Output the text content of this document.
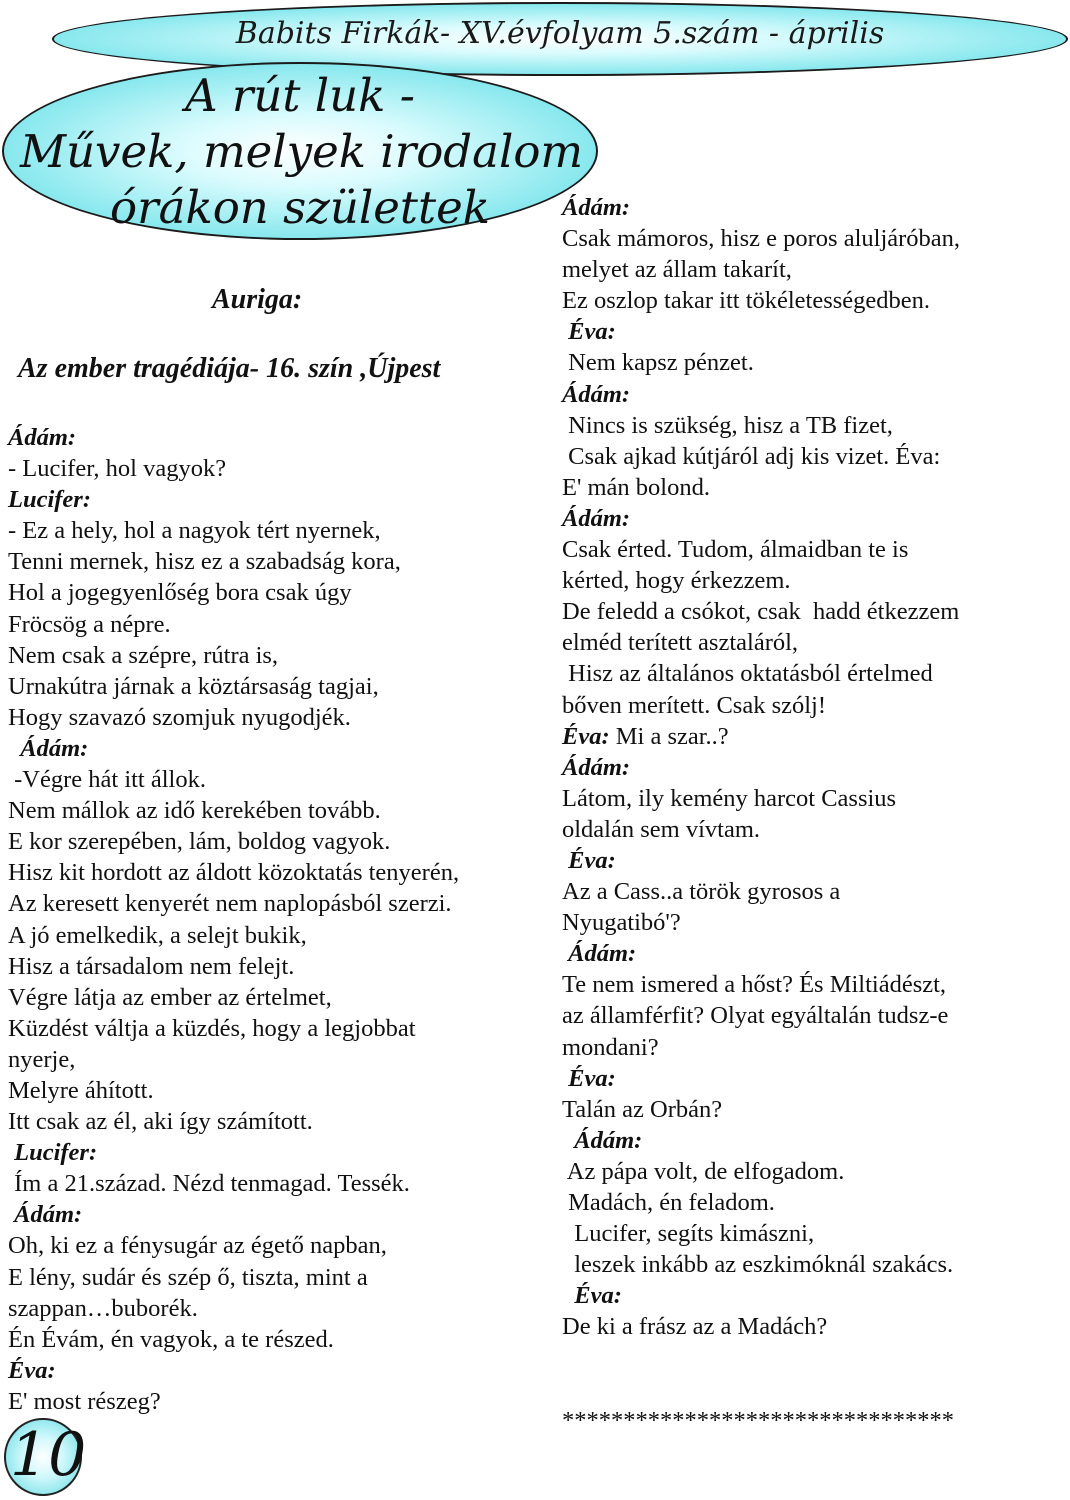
Babits Firkák- XV.évfolyam 5.szám - április
A rút luk -
Művek, melyek irodalom
órákon születtek
Auriga:
Az ember tragédiája- 16. szín ,Újpest
Ádám:
- Lucifer, hol vagyok?
Lucifer:
- Ez a hely, hol a nagyok tért nyernek,
Tenni mernek, hisz ez a szabadság kora,
Hol a jogegyenlőség bora csak úgy
Fröcsög a népre.
Nem csak a szépre, rútra is,
Urnakútra járnak a köztársaság tagjai,
Hogy szavazó szomjuk nyugodjék.
Ádám:
-Végre hát itt állok.
Nem mállok az idő kerekében tovább.
E kor szerepében, lám, boldog vagyok.
Hisz kit hordott az áldott közoktatás tenyerén,
Az keresett kenyerét nem naplopásból szerzi.
A jó emelkedik, a selejt bukik,
Hisz a társadalom nem felejt.
Végre látja az ember az értelmet,
Küzdést váltja a küzdés, hogy a legjobbat
nyerje,
Melyre áhított.
Itt csak az él, aki így számított.
Lucifer:
Ím a 21.század. Nézd tenmagad. Tessék.
Ádám:
Oh, ki ez a fénysugár az égető napban,
E lény, sudár és szép ő, tiszta, mint a
szappan…buborék.
Én Évám, én vagyok, a te részed.
Éva:
E' most részeg?
Ádám:
Csak mámoros, hisz e poros aluljáróban,
melyet az állam takarít,
Ez oszlop takar itt tökéletességedben.
Éva:
Nem kapsz pénzet.
Ádám:
Nincs is szükség, hisz a TB fizet,
Csak ajkad kútjáról adj kis vizet. Éva:
E' mán bolond.
Ádám:
Csak érted. Tudom, álmaidban te is
kérted, hogy érkezzem.
De feledd a csókot, csak  hadd étkezzem
elméd terített asztaláról,
Hisz az általános oktatásból értelmed
bőven merített. Csak szólj!
Éva: Mi a szar..?
Ádám:
Látom, ily kemény harcot Cassius
oldalán sem vívtam.
Éva:
Az a Cass..a török gyrosos a
Nyugatibó'?
Ádám:
Te nem ismered a hőst? És Miltiádészt,
az államférfit? Olyat egyáltalán tudsz-e
mondani?
Éva:
Talán az Orbán?
Ádám:
Az pápa volt, de elfogadom.
Madách, én feladom.
Lucifer, segíts kimászni,
leszek inkább az eszkimóknál szakács.
Éva:
De ki a frász az a Madách?

********************************
10
